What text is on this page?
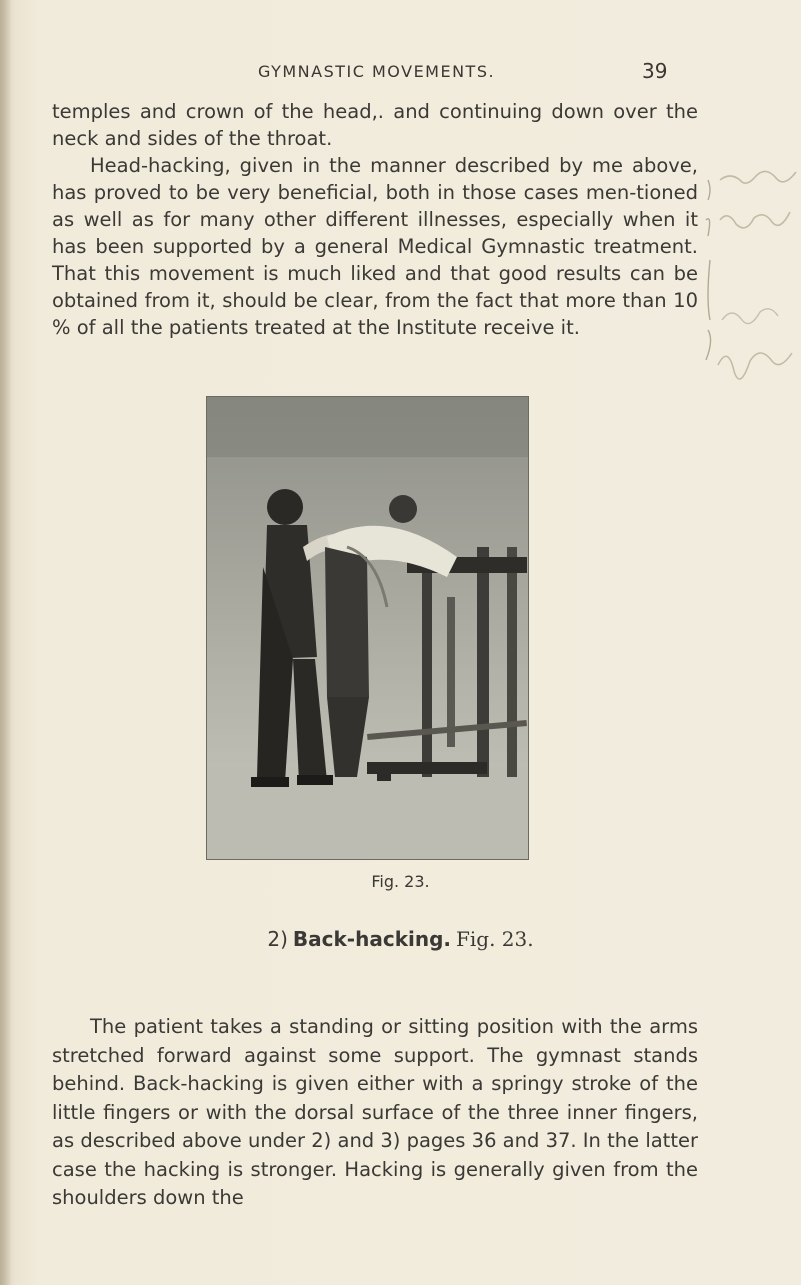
GYMNASTIC MOVEMENTS.	39

temples and crown of the head,. and continuing down over the neck and sides of the throat.

Head-hacking, given in the manner described by me above, has proved to be very beneficial, both in those cases men-tioned as well as for many other different illnesses, especially when it has been supported by a general Medical Gymnastic treatment. That this movement is much liked and that good results can be obtained from it, should be clear, from the fact that more than 10 % of all the patients treated at the Institute receive it.

Fig. 23.
2) Back-hacking. Fig. 23.

The patient takes a standing or sitting position with the arms stretched forward against some support. The gymnast stands behind. Back-hacking is given either with a springy stroke of the little fingers or with the dorsal surface of the three inner fingers, as described above under 2) and 3) pages 36 and 37. In the latter case the hacking is stronger. Hacking is generally given from the shoulders down the
